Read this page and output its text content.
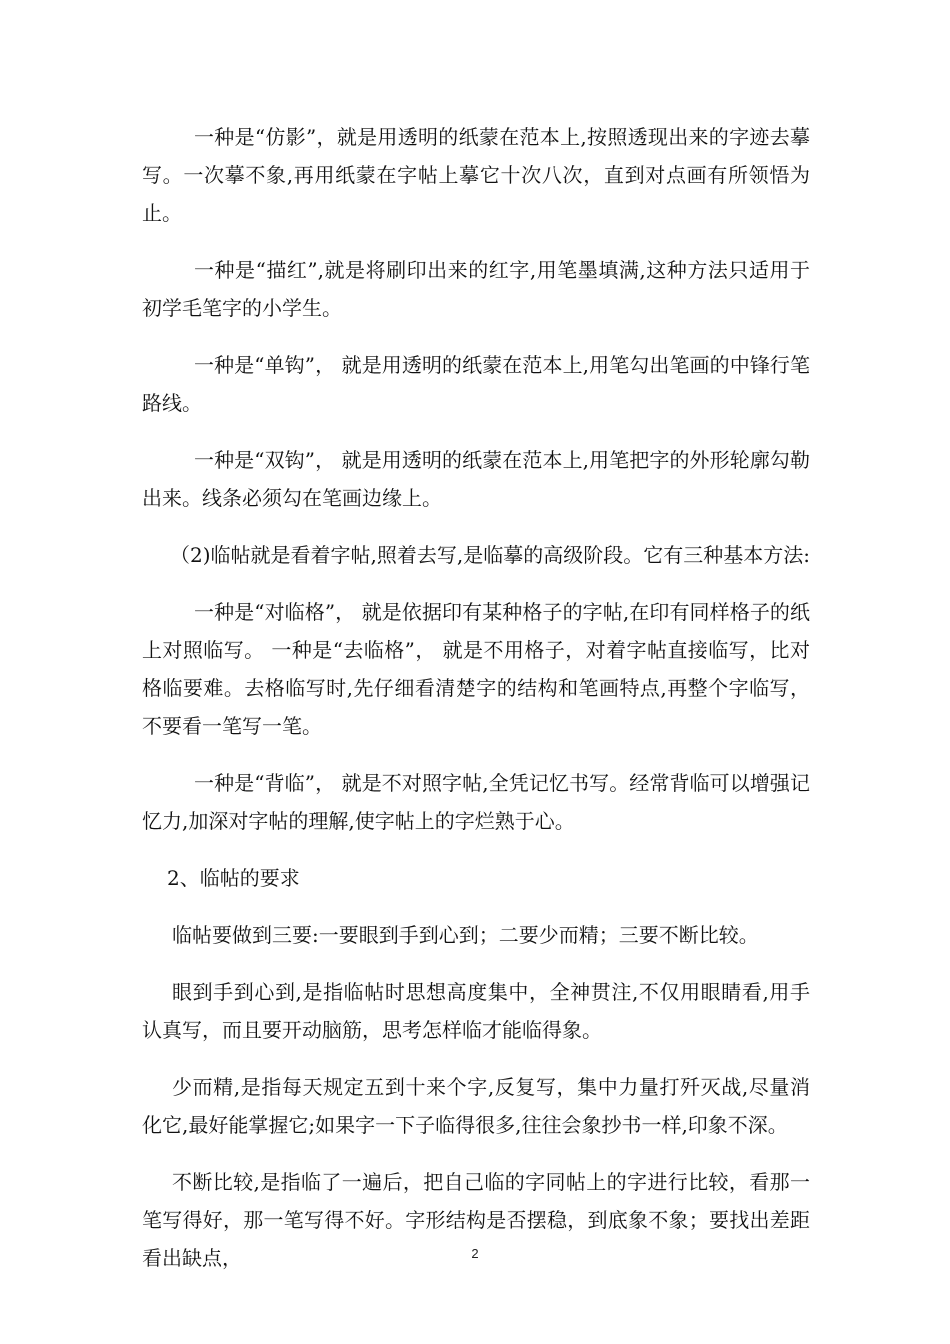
一种是“仿影”，就是用透明的纸蒙在范本上,按照透现出来的字迹去摹写。一次摹不象,再用纸蒙在字帖上摹它十次八次，直到对点画有所领悟为止。

一种是“描红”,就是将刷印出来的红字,用笔墨填满,这种方法只适用于初学毛笔字的小学生。

一种是“单钩”， 就是用透明的纸蒙在范本上,用笔勾出笔画的中锋行笔路线。

一种是“双钩”， 就是用透明的纸蒙在范本上,用笔把字的外形轮廓勾勒出来。线条必须勾在笔画边缘上。

（2)临帖就是看着字帖,照着去写,是临摹的高级阶段。它有三种基本方法:

一种是“对临格”， 就是依据印有某种格子的字帖,在印有同样格子的纸上对照临写。 一种是“去临格”， 就是不用格子，对着字帖直接临写，比对格临要难。去格临写时,先仔细看清楚字的结构和笔画特点,再整个字临写，不要看一笔写一笔。

一种是“背临”， 就是不对照字帖,全凭记忆书写。经常背临可以增强记忆力,加深对字帖的理解,使字帖上的字烂熟于心。

2、临帖的要求

临帖要做到三要:一要眼到手到心到；二要少而精；三要不断比较。

眼到手到心到,是指临帖时思想高度集中，全神贯注,不仅用眼睛看,用手认真写，而且要开动脑筋，思考怎样临才能临得象。

少而精,是指每天规定五到十来个字,反复写，集中力量打歼灭战,尽量消化它,最好能掌握它;如果字一下子临得很多,往往会象抄书一样,印象不深。

不断比较,是指临了一遍后，把自己临的字同帖上的字进行比较，看那一笔写得好，那一笔写得不好。字形结构是否摆稳，到底象不象；要找出差距看出缺点，	2
